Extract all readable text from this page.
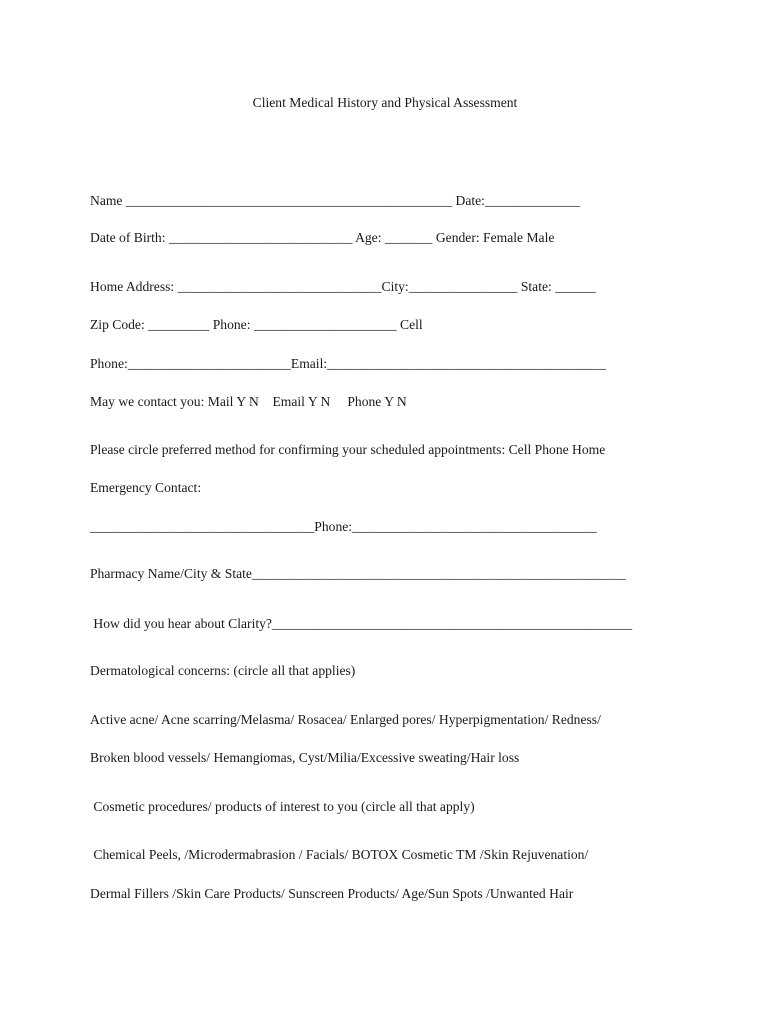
Client Medical History and Physical Assessment
Name ________________________________________________ Date:______________
Date of Birth: ___________________________ Age: _______ Gender: Female Male
Home Address: ______________________________City:________________ State: ______
Zip Code: _________ Phone: _____________________ Cell
Phone:________________________Email:_________________________________________
May we contact you: Mail Y N    Email Y N     Phone Y N
Please circle preferred method for confirming your scheduled appointments: Cell Phone Home
Emergency Contact:
_________________________________Phone:____________________________________
Pharmacy Name/City & State_______________________________________________________
How did you hear about Clarity?_____________________________________________________
Dermatological concerns: (circle all that applies)
Active acne/ Acne scarring/Melasma/ Rosacea/ Enlarged pores/ Hyperpigmentation/ Redness/
Broken blood vessels/ Hemangiomas, Cyst/Milia/Excessive sweating/Hair loss
Cosmetic procedures/ products of interest to you (circle all that apply)
Chemical Peels, /Microdermabrasion / Facials/ BOTOX Cosmetic TM /Skin Rejuvenation/
Dermal Fillers /Skin Care Products/ Sunscreen Products/ Age/Sun Spots /Unwanted Hair
